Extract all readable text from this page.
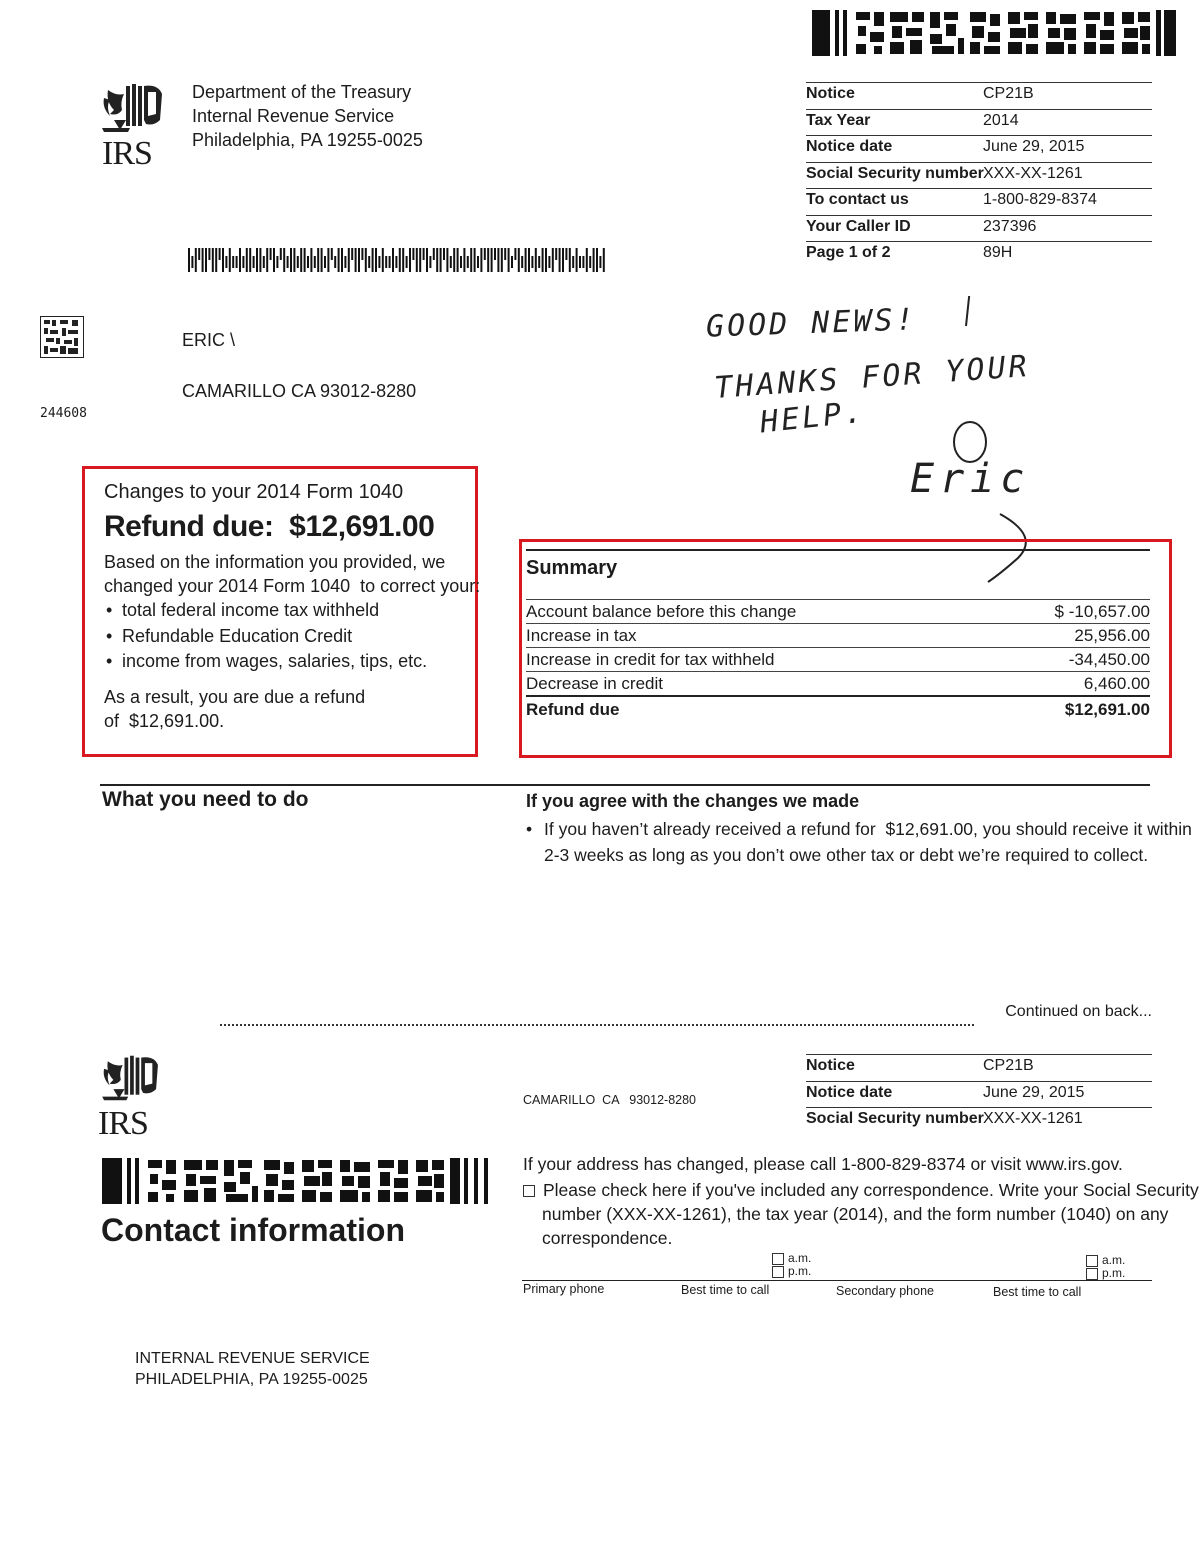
IRS
Department of the Treasury
Internal Revenue Service
Philadelphia, PA 19255-0025
Notice	CP21B
Tax Year	2014
Notice date	June 29, 2015
Social Security number XXX-XX-1261
To contact us	1-800-829-8374
Your Caller ID	237396
Page 1 of 2	89H
244608
ERIC \
CAMARILLO CA 93012-8280
GOOD NEWS!
THANKS FOR YOUR
HELP.
Eric
Changes to your 2014 Form 1040
Refund due:  $12,691.00
Based on the information you provided, we
changed your 2014 Form 1040  to correct your:
• total federal income tax withheld
• Refundable Education Credit
• income from wages, salaries, tips, etc.
As a result, you are due a refund
of  $12,691.00.
Summary
Account balance before this change	$ -10,657.00
Increase in tax	25,956.00
Increase in credit for tax withheld	-34,450.00
Decrease in credit	6,460.00
Refund due	$12,691.00
What you need to do	If you agree with the changes we made
• If you haven’t already received a refund for  $12,691.00, you should receive it within
2-3 weeks as long as you don’t owe other tax or debt we’re required to collect.
Continued on back...
IRS
Contact information
CAMARILLO  CA   93012-8280
Notice	CP21B
Notice date	June 29, 2015
Social Security number XXX-XX-1261
If your address has changed, please call 1-800-829-8374 or visit www.irs.gov.
Please check here if you've included any correspondence. Write your Social Security
number (XXX-XX-1261), the tax year (2014), and the form number (1040) on any
correspondence.
a.m.
p.m.
a.m.
p.m.
Primary phone	Best time to call	Secondary phone	Best time to call
INTERNAL REVENUE SERVICE
PHILADELPHIA, PA 19255-0025
